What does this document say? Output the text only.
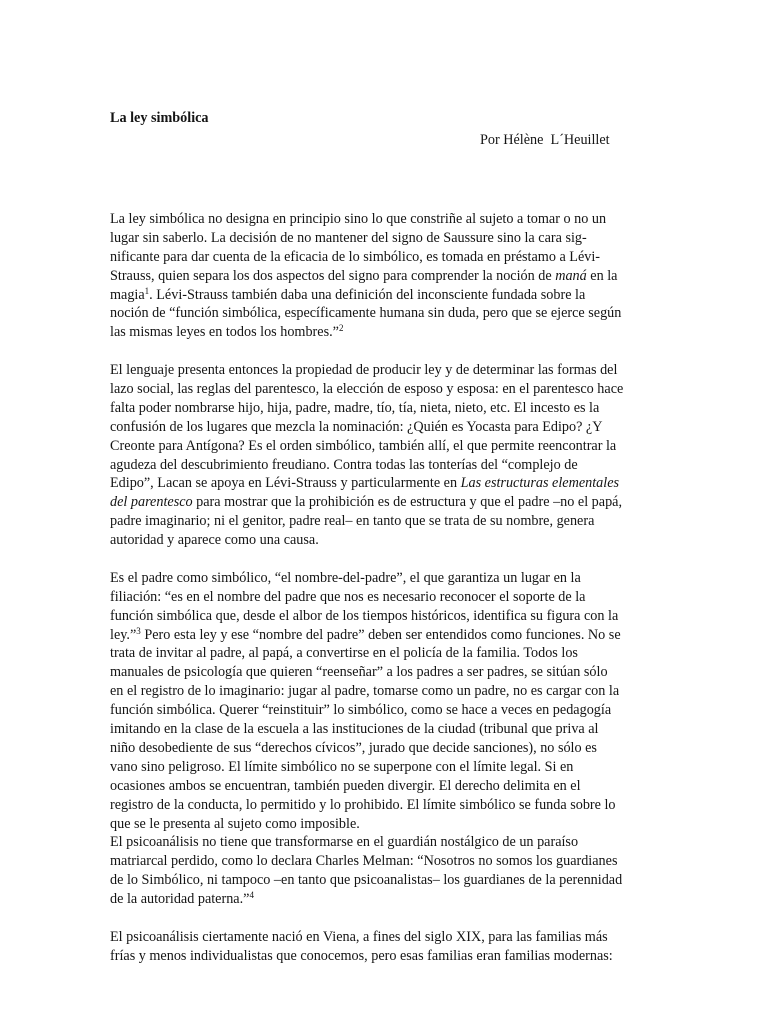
La ley simbólica
Por Hélène  L´Heuillet
La ley simbólica no designa en principio sino lo que constriñe al sujeto a tomar o no un
lugar sin saberlo. La decisión de no mantener del signo de Saussure sino la cara sig-
nificante para dar cuenta de la eficacia de lo simbólico, es tomada en préstamo a Lévi-
Strauss, quien separa los dos aspectos del signo para comprender la noción de maná en la
magia$^1$. Lévi-Strauss también daba una definición del inconsciente fundada sobre la
noción de “función simbólica, específicamente humana sin duda, pero que se ejerce según
las mismas leyes en todos los hombres.”$^2$
El lenguaje presenta entonces la propiedad de producir ley y de determinar las formas del
lazo social, las reglas del parentesco, la elección de esposo y esposa: en el parentesco hace
falta poder nombrarse hijo, hija, padre, madre, tío, tía, nieta, nieto, etc. El incesto es la
confusión de los lugares que mezcla la nominación: ¿Quién es Yocasta para Edipo? ¿Y
Creonte para Antígona? Es el orden simbólico, también allí, el que permite reencontrar la
agudeza del descubrimiento freudiano. Contra todas las tonterías del “complejo de
Edipo”, Lacan se apoya en Lévi-Strauss y particularmente en Las estructuras elementales
del parentesco para mostrar que la prohibición es de estructura y que el padre –no el papá,
padre imaginario; ni el genitor, padre real– en tanto que se trata de su nombre, genera
autoridad y aparece como una causa.
Es el padre como simbólico, “el nombre-del-padre”, el que garantiza un lugar en la
filiación: “es en el nombre del padre que nos es necesario reconocer el soporte de la
función simbólica que, desde el albor de los tiempos históricos, identifica su figura con la
ley.”$^3$ Pero esta ley y ese “nombre del padre” deben ser entendidos como funciones. No se
trata de invitar al padre, al papá, a convertirse en el policía de la familia. Todos los
manuales de psicología que quieren “reenseñar” a los padres a ser padres, se sitúan sólo
en el registro de lo imaginario: jugar al padre, tomarse como un padre, no es cargar con la
función simbólica. Querer “reinstituir” lo simbólico, como se hace a veces en pedagogía
imitando en la clase de la escuela a las instituciones de la ciudad (tribunal que priva al
niño desobediente de sus “derechos cívicos”, jurado que decide sanciones), no sólo es
vano sino peligroso. El límite simbólico no se superpone con el límite legal. Si en
ocasiones ambos se encuentran, también pueden divergir. El derecho delimita en el
registro de la conducta, lo permitido y lo prohibido. El límite simbólico se funda sobre lo
que se le presenta al sujeto como imposible.
El psicoanálisis no tiene que transformarse en el guardián nostálgico de un paraíso
matriarcal perdido, como lo declara Charles Melman: “Nosotros no somos los guardianes
de lo Simbólico, ni tampoco –en tanto que psicoanalistas– los guardianes de la perennidad
de la autoridad paterna.”$^4$
El psicoanálisis ciertamente nació en Viena, a fines del siglo XIX, para las familias más
frías y menos individualistas que conocemos, pero esas familias eran familias modernas:
